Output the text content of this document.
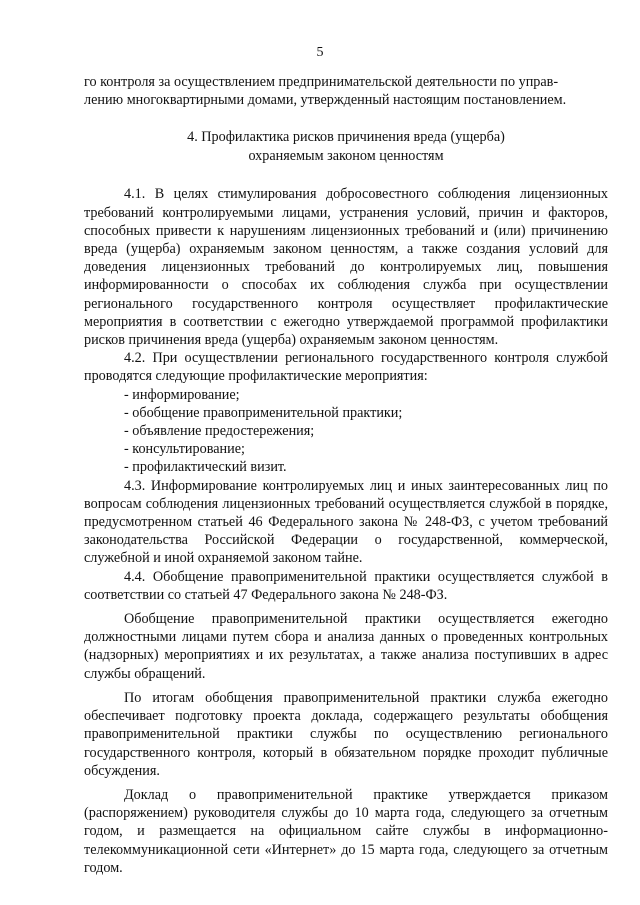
5
го контроля за осуществлением предпринимательской деятельности по управ-
лению многоквартирными домами, утвержденный настоящим постановлением.
4. Профилактика рисков причинения вреда (ущерба)
охраняемым законом ценностям

4.1. В целях стимулирования добросовестного соблюдения лицензионных требований контролируемыми лицами, устранения условий, причин и факторов, способных привести к нарушениям лицензионных требований и (или) причинению вреда (ущерба) охраняемым законом ценностям, а также создания условий для доведения лицензионных требований до контролируемых лиц, повышения информированности о способах их соблюдения служба при осуществлении регионального государственного контроля осуществляет профилактические мероприятия в соответствии с ежегодно утверждаемой программой профилактики рисков причинения вреда (ущерба) охраняемым законом ценностям.

4.2. При осуществлении регионального государственного контроля службой проводятся следующие профилактические мероприятия:

- информирование;
- обобщение правоприменительной практики;
- объявление предостережения;
- консультирование;
- профилактический визит.

4.3. Информирование контролируемых лиц и иных заинтересованных лиц по вопросам соблюдения лицензионных требований осуществляется службой в порядке, предусмотренном статьей 46 Федерального закона № 248-ФЗ, с учетом требований законодательства Российской Федерации о государственной, коммерческой, служебной и иной охраняемой законом тайне.

4.4. Обобщение правоприменительной практики осуществляется службой в соответствии со статьей 47 Федерального закона № 248-ФЗ.

Обобщение правоприменительной практики осуществляется ежегодно должностными лицами путем сбора и анализа данных о проведенных контрольных (надзорных) мероприятиях и их результатах, а также анализа поступивших в адрес службы обращений.

По итогам обобщения правоприменительной практики служба ежегодно обеспечивает подготовку проекта доклада, содержащего результаты обобщения правоприменительной практики службы по осуществлению регионального государственного контроля, который в обязательном порядке проходит публичные обсуждения.

Доклад о правоприменительной практике утверждается приказом (распоряжением) руководителя службы до 10 марта года, следующего за отчетным годом, и размещается на официальном сайте службы в информационно-телекоммуникационной сети «Интернет» до 15 марта года, следующего за отчетным годом.
